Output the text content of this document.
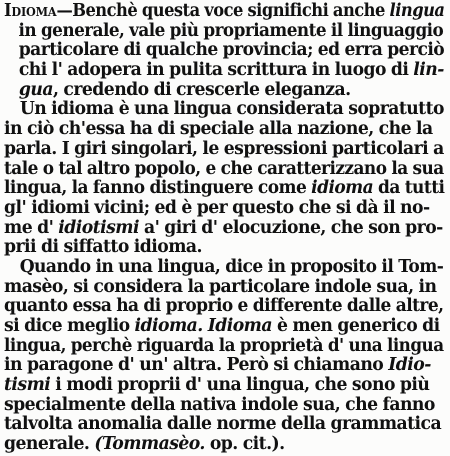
Idioma—Benchè questa voce significhi anche lingua
in generale, vale più propriamente il linguaggio
particolare di qualche provincia; ed erra perciò
chi l' adopera in pulita scrittura in luogo di lin-
gua, credendo di crescerle eleganza.
Un idioma è una lingua considerata sopratutto
in ciò ch'essa ha di speciale alla nazione, che la
parla. I giri singolari, le espressioni particolari a
tale o tal altro popolo, e che caratterizzano la sua
lingua, la fanno distinguere come idioma da tutti
gl' idiomi vicini; ed è per questo che si dà il no-
me d' idiotismi a' giri d' elocuzione, che son pro-
prii di siffatto idioma.
Quando in una lingua, dice in proposito il Tom-
masèo, si considera la particolare indole sua, in
quanto essa ha di proprio e differente dalle altre,
si dice meglio idioma. Idioma è men generico di
lingua, perchè riguarda la proprietà d' una lingua
in paragone d' un' altra. Però si chiamano Idio-
tismi i modi proprii d' una lingua, che sono più
specialmente della nativa indole sua, che fanno
talvolta anomalia dalle norme della grammatica
generale. (Tommasèo. op. cit.).
